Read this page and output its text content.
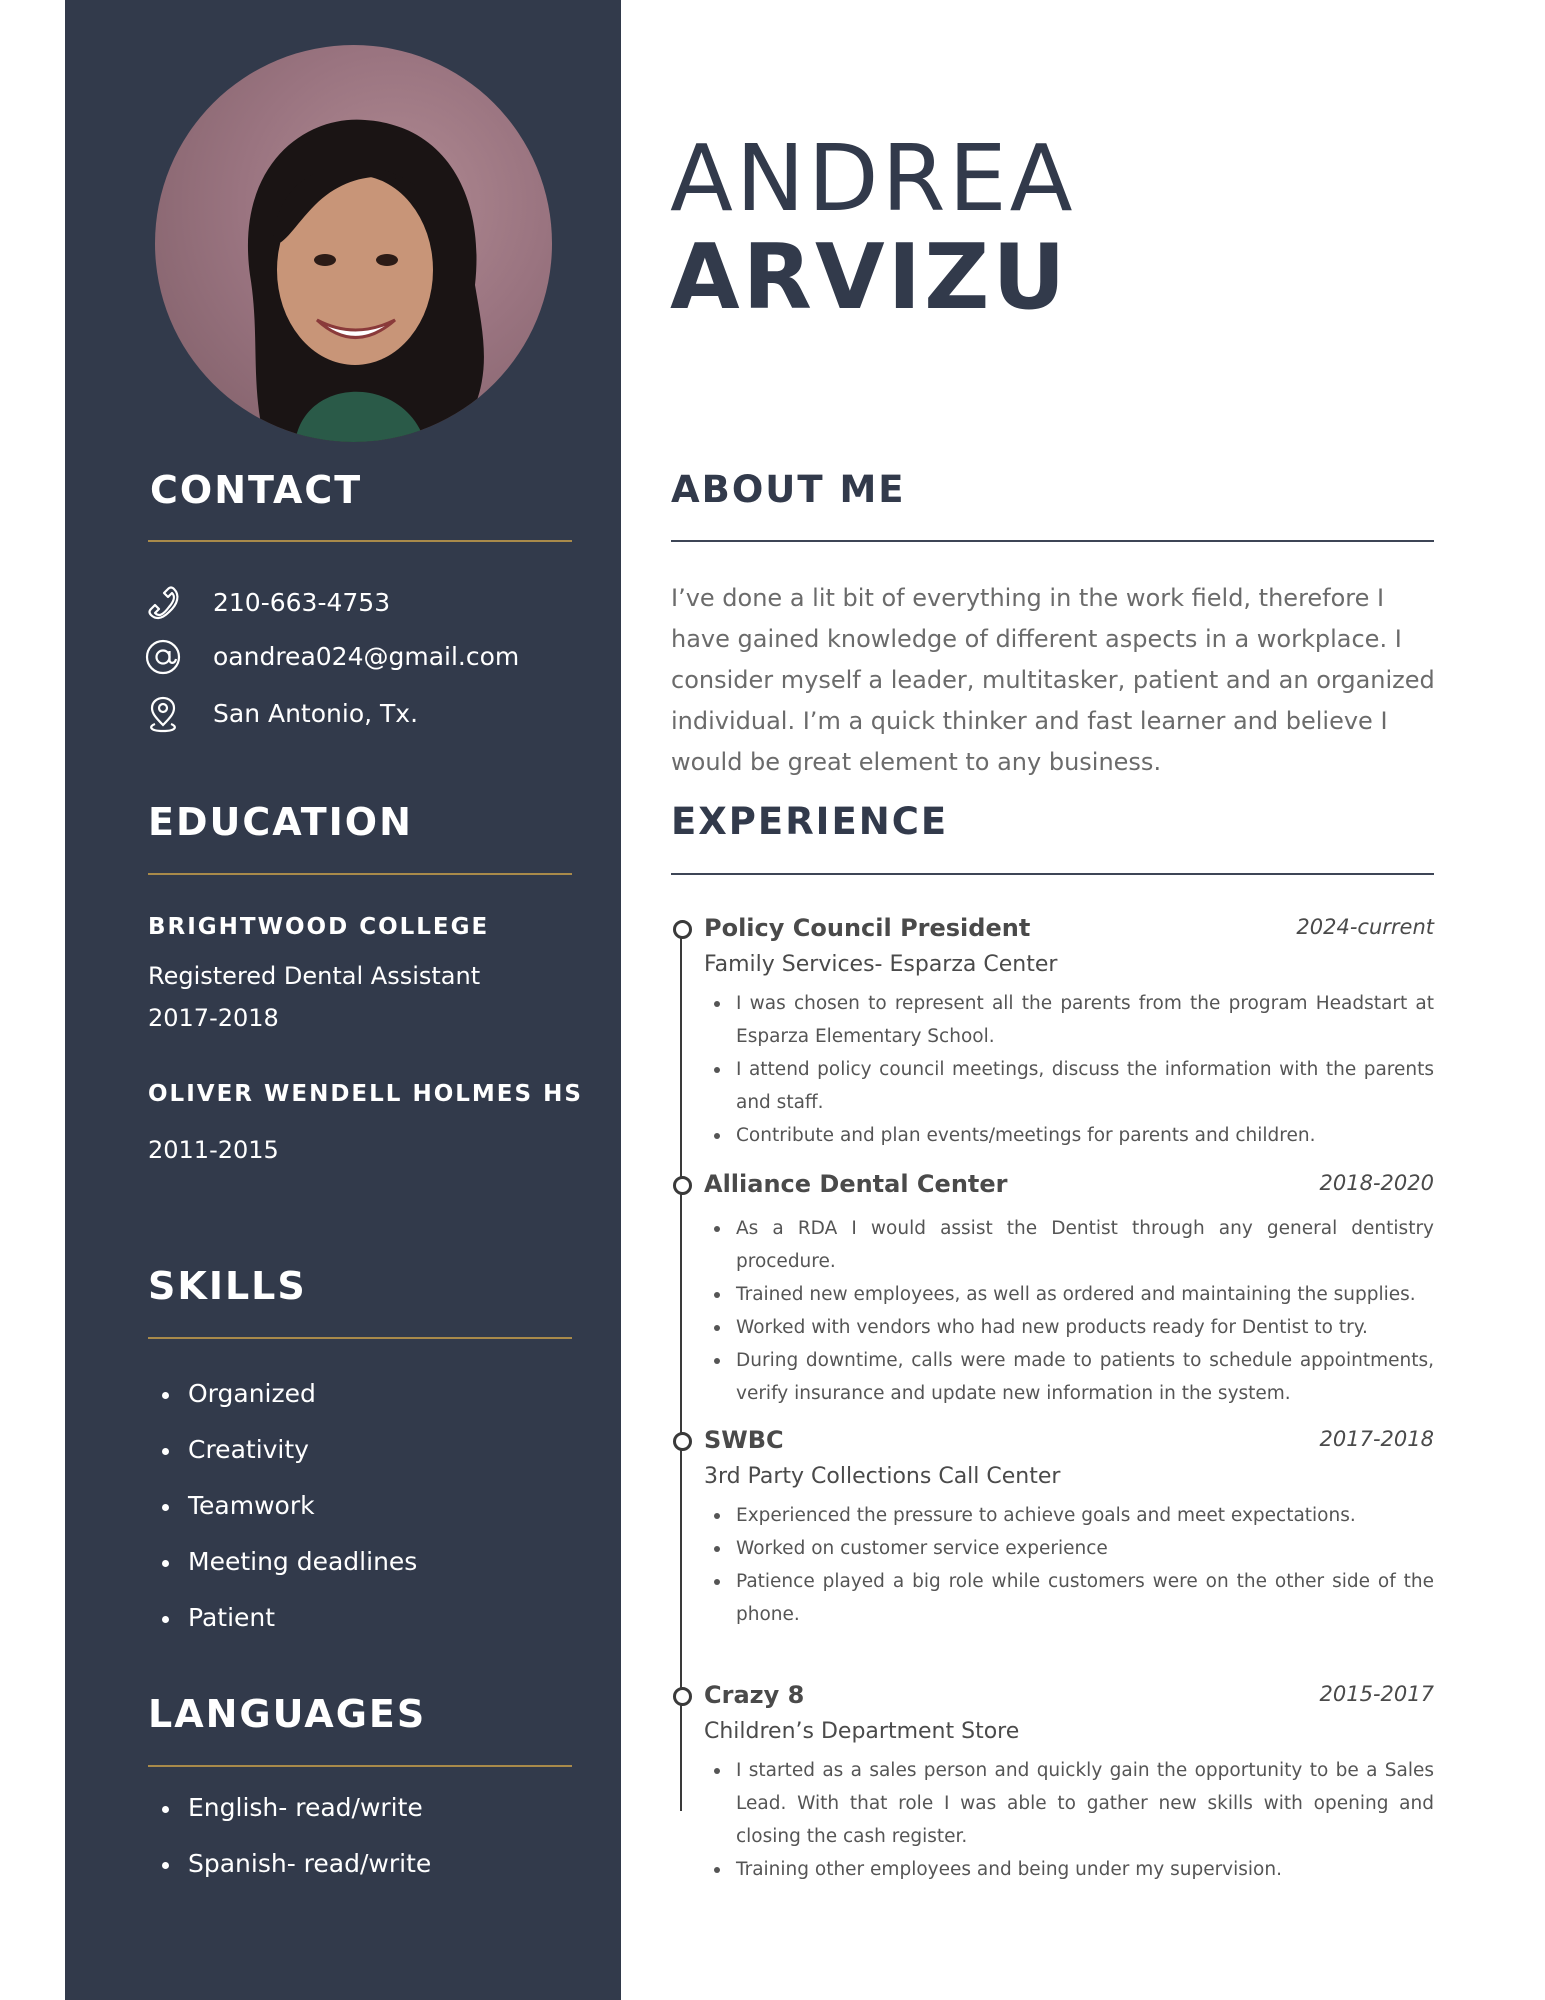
CONTACT
210-663-4753
oandrea024@gmail.com
San Antonio, Tx.
EDUCATION
BRIGHTWOOD COLLEGE
Registered Dental Assistant
2017-2018
OLIVER WENDELL HOLMES HS
2011-2015
SKILLS
Organized
Creativity
Teamwork
Meeting deadlines
Patient
LANGUAGES
English- read/write
Spanish- read/write
ANDREA
ARVIZU
ABOUT ME

I’ve done a lit bit of everything in the work field, therefore I have gained knowledge of different aspects in a workplace. I consider myself a leader, multitasker, patient and an organized individual. I’m a quick thinker and fast learner and believe I would be great element to any business.

EXPERIENCE
Policy Council President	2024-current
Family Services- Esparza Center
I was chosen to represent all the parents from the program Headstart at Esparza Elementary School.
I attend policy council meetings, discuss the information with the parents and staff.
Contribute and plan events/meetings for parents and children.
Alliance Dental Center	2018-2020
As a RDA I would assist the Dentist through any general dentistry procedure.
Trained new employees, as well as ordered and maintaining the supplies.
Worked with vendors who had new products ready for Dentist to try.
During downtime, calls were made to patients to schedule appointments, verify insurance and update new information in the system.
SWBC	2017-2018
3rd Party Collections Call Center
Experienced the pressure to achieve goals and meet expectations.
Worked on customer service experience
Patience played a big role while customers were on the other side of the phone.
Crazy 8	2015-2017
Children’s Department Store
I started as a sales person and quickly gain the opportunity to be a Sales Lead. With that role I was able to gather new skills with opening and closing the cash register.
Training other employees and being under my supervision.
